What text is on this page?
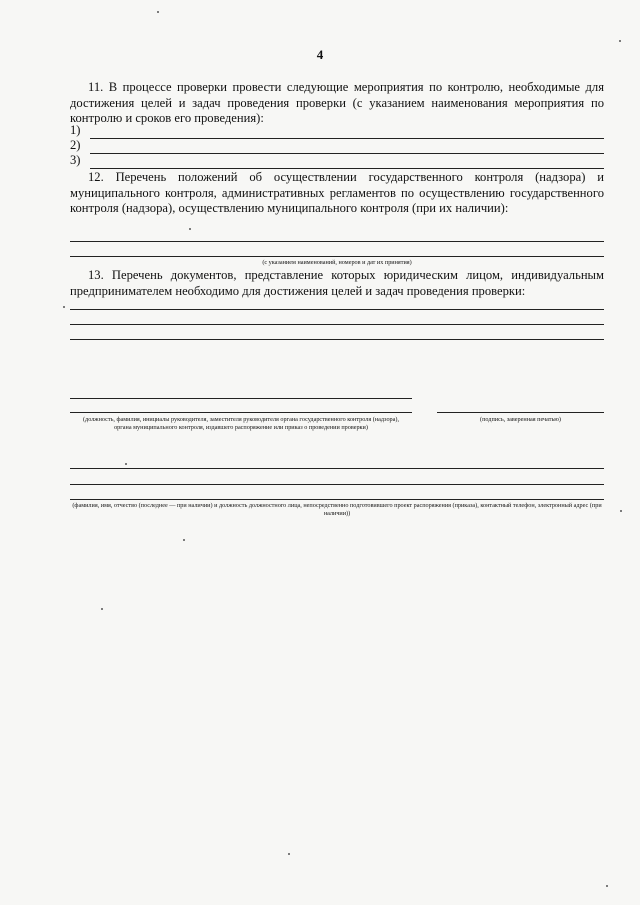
4
11. В процессе проверки провести следующие мероприятия по контролю, необходимые для достижения целей и задач проведения проверки (с указанием наименования мероприятия по контролю и сроков его проведения):
1)
2)
3)
12. Перечень положений об осуществлении государственного контроля (надзора) и муниципального контроля, административных регламентов по осуществлению государственного контроля (надзора), осуществлению муниципального контроля (при их наличии):
(с указанием наименований, номеров и дат их принятия)
13. Перечень документов, представление которых юридическим лицом, индивидуальным предпринимателем необходимо для достижения целей и задач проведения проверки:
(должность, фамилия, инициалы руководителя, заместителя руководителя органа государственного контроля (надзора), органа муниципального контроля, издавшего распоряжение или приказ о проведении проверки)
(подпись, заверенная печатью)
(фамилия, имя, отчество (последнее — при наличии) и должность должностного лица, непосредственно подготовившего проект распоряжения (приказа), контактный телефон, электронный адрес (при наличии))
